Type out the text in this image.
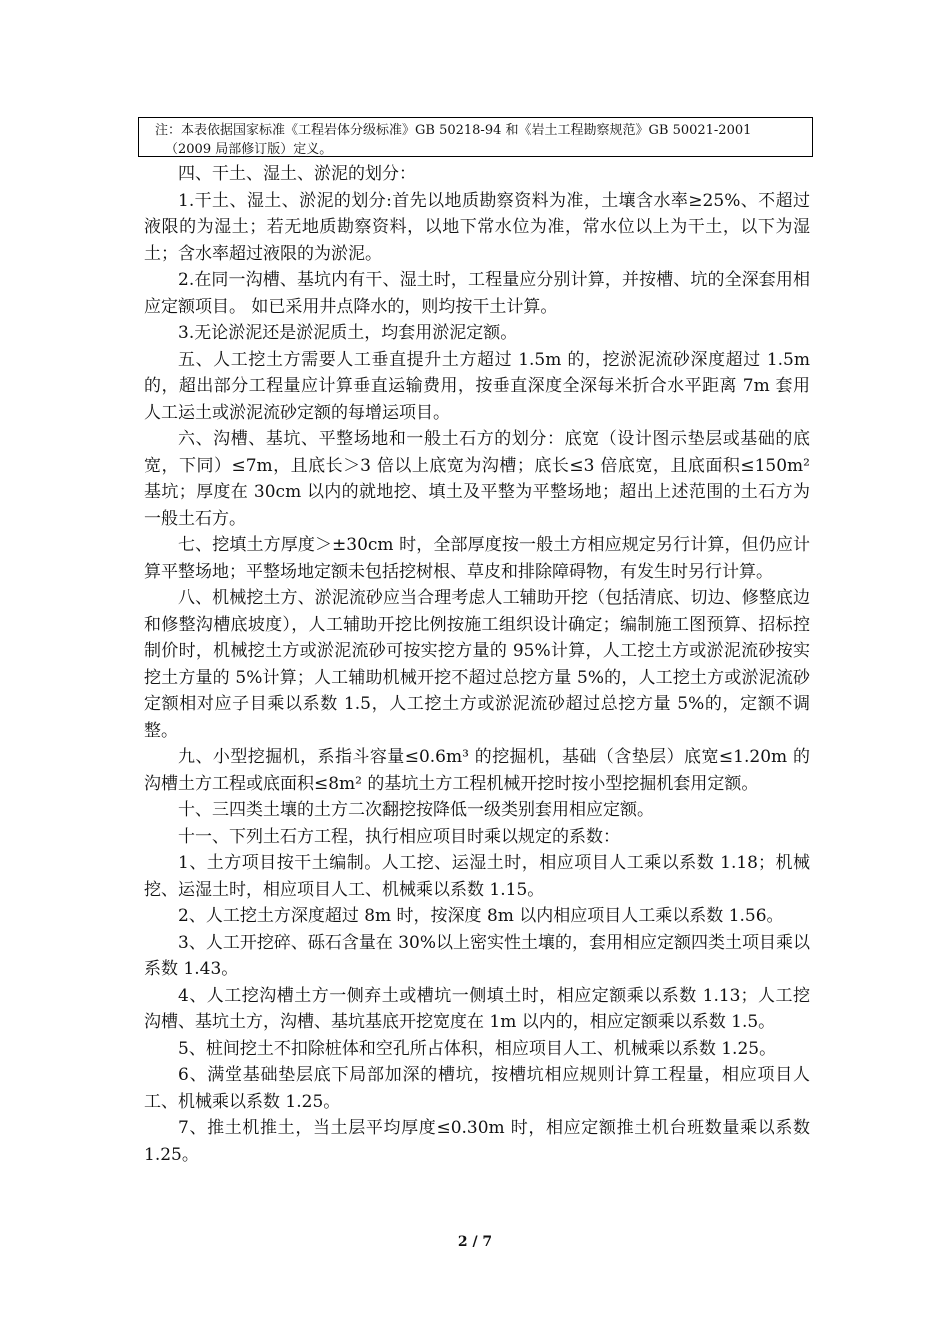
注：本表依据国家标准《工程岩体分级标准》GB 50218-94 和《岩土工程勘察规范》GB 50021-2001
（2009 局部修订版）定义。

四、干土、湿土、淤泥的划分：

1.干土、湿土、淤泥的划分:首先以地质勘察资料为准，土壤含水率≥25%、不超过液限的为湿土；若无地质勘察资料，以地下常水位为准，常水位以上为干土，以下为湿土；含水率超过液限的为淤泥。

2.在同一沟槽、基坑内有干、湿土时，工程量应分别计算，并按槽、坑的全深套用相应定额项目。 如已采用井点降水的，则均按干土计算。

3.无论淤泥还是淤泥质土，均套用淤泥定额。

五、人工挖土方需要人工垂直提升土方超过 1.5m 的，挖淤泥流砂深度超过 1.5m 的，超出部分工程量应计算垂直运输费用，按垂直深度全深每米折合水平距离 7m 套用人工运土或淤泥流砂定额的每增运项目。

六、沟槽、基坑、平整场地和一般土石方的划分：底宽（设计图示垫层或基础的底宽，下同）≤7m，且底长＞3 倍以上底宽为沟槽；底长≤3 倍底宽，且底面积≤150m² 基坑；厚度在 30cm 以内的就地挖、填土及平整为平整场地；超出上述范围的土石方为一般土石方。

七、挖填土方厚度＞±30cm 时，全部厚度按一般土方相应规定另行计算，但仍应计算平整场地；平整场地定额未包括挖树根、草皮和排除障碍物，有发生时另行计算。

八、机械挖土方、淤泥流砂应当合理考虑人工辅助开挖（包括清底、切边、修整底边和修整沟槽底坡度），人工辅助开挖比例按施工组织设计确定；编制施工图预算、招标控制价时，机械挖土方或淤泥流砂可按实挖方量的 95%计算，人工挖土方或淤泥流砂按实挖土方量的 5%计算；人工辅助机械开挖不超过总挖方量 5%的，人工挖土方或淤泥流砂定额相对应子目乘以系数 1.5，人工挖土方或淤泥流砂超过总挖方量 5%的，定额不调整。

九、小型挖掘机，系指斗容量≤0.6m³ 的挖掘机，基础（含垫层）底宽≤1.20m 的沟槽土方工程或底面积≤8m² 的基坑土方工程机械开挖时按小型挖掘机套用定额。

十、三四类土壤的土方二次翻挖按降低一级类别套用相应定额。

十一、下列土石方工程，执行相应项目时乘以规定的系数：

1、土方项目按干土编制。人工挖、运湿土时，相应项目人工乘以系数 1.18；机械挖、运湿土时，相应项目人工、机械乘以系数 1.15。

2、人工挖土方深度超过 8m 时，按深度 8m 以内相应项目人工乘以系数 1.56。

3、人工开挖碎、砾石含量在 30%以上密实性土壤的，套用相应定额四类土项目乘以系数 1.43。

4、人工挖沟槽土方一侧弃土或槽坑一侧填土时，相应定额乘以系数 1.13；人工挖沟槽、基坑土方，沟槽、基坑基底开挖宽度在 1m 以内的，相应定额乘以系数 1.5。

5、桩间挖土不扣除桩体和空孔所占体积，相应项目人工、机械乘以系数 1.25。

6、满堂基础垫层底下局部加深的槽坑，按槽坑相应规则计算工程量，相应项目人工、机械乘以系数 1.25。

7、推土机推土，当土层平均厚度≤0.30m 时，相应定额推土机台班数量乘以系数 1.25。

2 / 7
